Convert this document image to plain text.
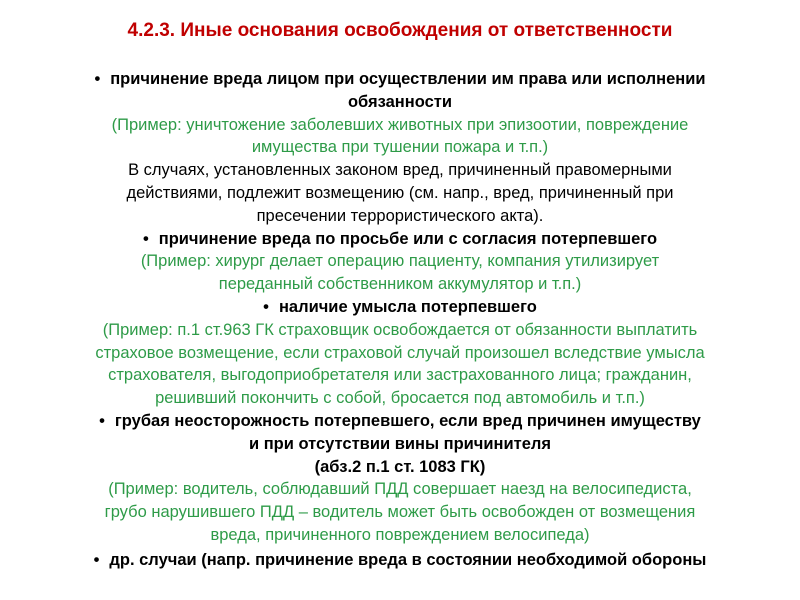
4.2.3. Иные основания освобождения от ответственности
• причинение вреда лицом при осуществлении им права или исполнении
обязанности
(Пример: уничтожение заболевших животных при эпизоотии, повреждение
имущества при тушении пожара и т.п.)
В случаях, установленных законом вред, причиненный правомерными
действиями, подлежит возмещению (см. напр., вред, причиненный при
пресечении террористического акта).
• причинение вреда по просьбе или с согласия потерпевшего
(Пример: хирург делает операцию пациенту, компания утилизирует
переданный собственником аккумулятор и т.п.)
• наличие умысла потерпевшего
(Пример: п.1 ст.963 ГК страховщик освобождается от обязанности выплатить
страховое возмещение, если страховой случай произошел вследствие умысла
страхователя, выгодоприобретателя или застрахованного лица; гражданин,
решивший покончить с собой, бросается под автомобиль и т.п.)
• грубая неосторожность потерпевшего, если вред причинен имуществу
и при отсутствии вины причинителя
(абз.2 п.1 ст. 1083 ГК)
(Пример: водитель, соблюдавший ПДД совершает наезд на велосипедиста,
грубо нарушившего ПДД – водитель может быть освобожден от возмещения
вреда, причиненного повреждением велосипеда)
• др. случаи (напр. причинение вреда в состоянии необходимой обороны
